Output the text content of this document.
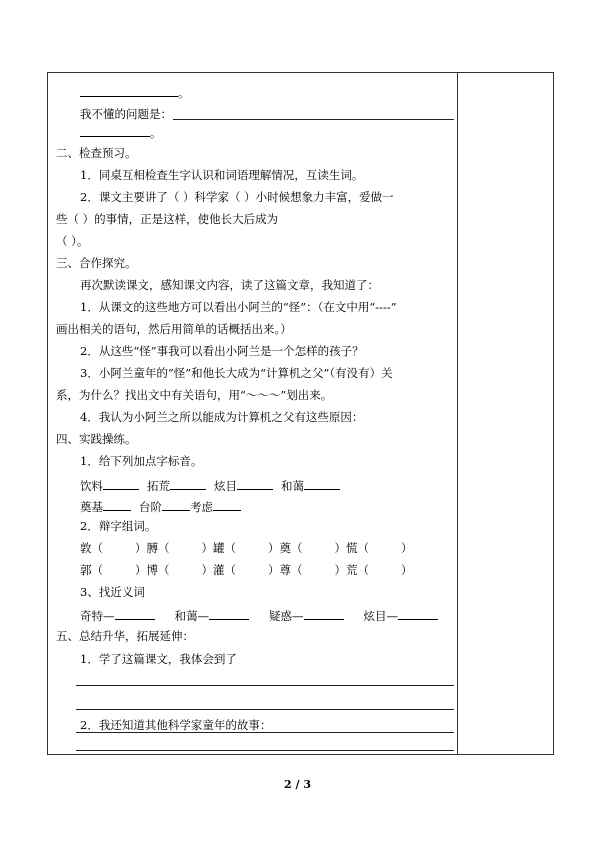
。
我不懂的问题是：
。
二、检查预习。
1．同桌互相检查生字认识和词语理解情况，互读生词。
2．课文主要讲了（ ）科学家（ ）小时候想象力丰富，爱做一
些（ ）的事情，正是这样，使他长大后成为
（ ）。
三、合作探究。
再次默读课文，感知课文内容，读了这篇文章，我知道了：
1．从课文的这些地方可以看出小阿兰的“怪”：（在文中用“----”
画出相关的语句，然后用简单的话概括出来。）
2．从这些“怪”事我可以看出小阿兰是一个怎样的孩子？
3．小阿兰童年的“怪”和他长大成为“计算机之父”（有没有）关
系，为什么？找出文中有关语句，用“～～～”划出来。
4．我认为小阿兰之所以能成为计算机之父有这些原因：
四、实践操练。
1．给下列加点字标音。
饮料	拓荒	炫目	和蔼
奠基	台阶 考虑
2．辩字组词。
敦（	）膊（	）罐（	）奠（	）慌（	）
郭（	）博（	）灌（	）尊（	）荒（	）
3、找近义词
奇特—	和蔼—	疑惑—	炫目—
五、总结升华，拓展延伸：
1．学了这篇课文，我体会到了
2．我还知道其他科学家童年的故事：
2 / 3
